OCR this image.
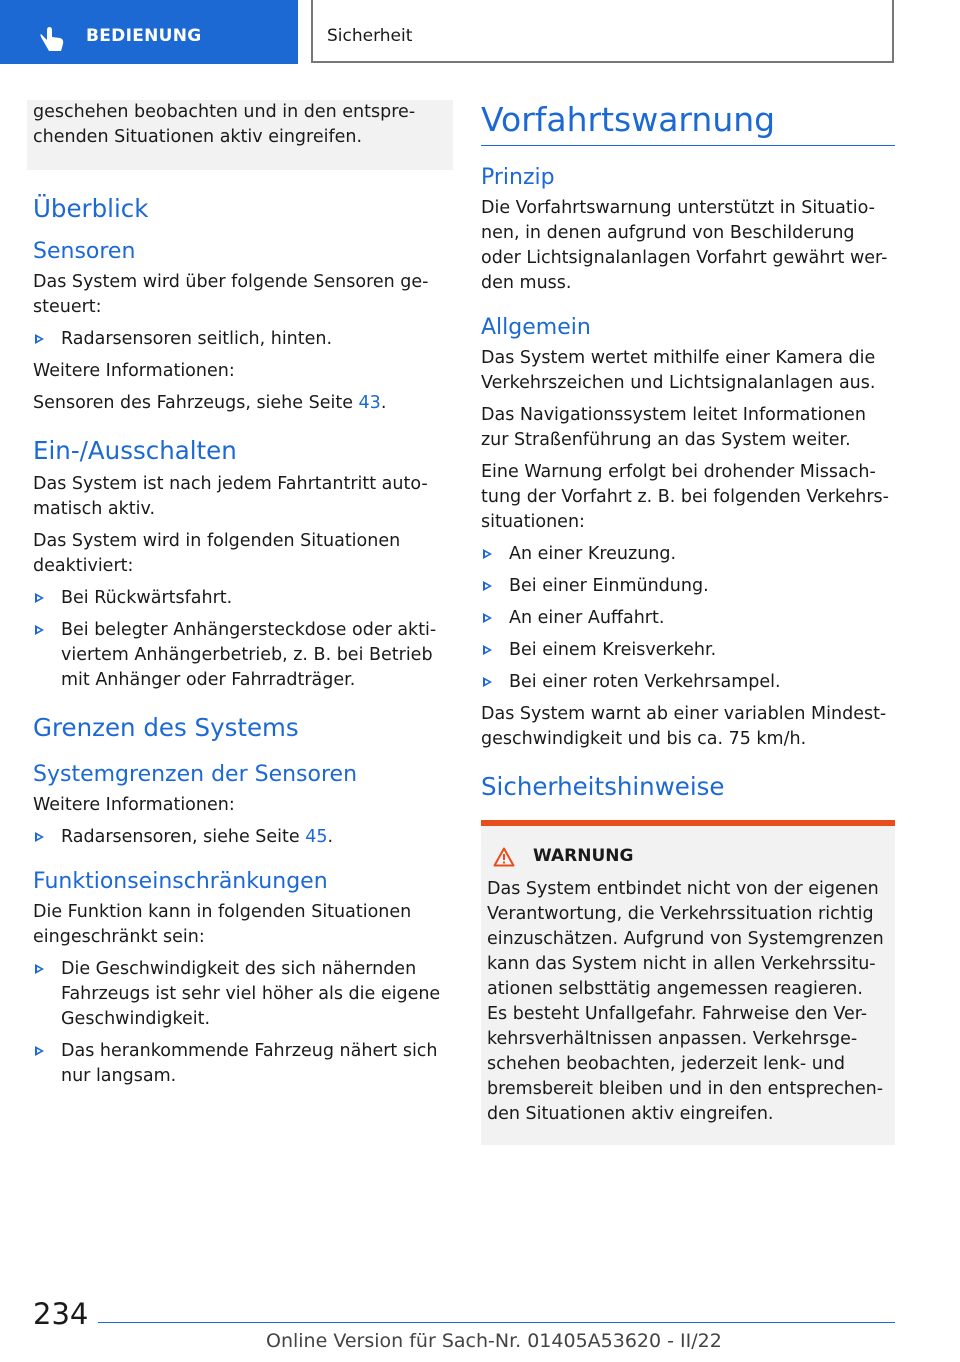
BEDIENUNG	Sicherheit

geschehen beobachten und in den entspre-chenden Situationen aktiv eingreifen.

Überblick
Sensoren

Das System wird über folgende Sensoren ge-steuert:

Radarsensoren seitlich, hinten.

Weitere Informationen:

Sensoren des Fahrzeugs, siehe Seite 43.

Ein-/Ausschalten

Das System ist nach jedem Fahrtantritt auto-matisch aktiv.

Das System wird in folgenden Situationen deaktiviert:

Bei Rückwärtsfahrt.
Bei belegter Anhängersteckdose oder akti-viertem Anhängerbetrieb, z. B. bei Betrieb mit Anhänger oder Fahrradträger.
Grenzen des Systems
Systemgrenzen der Sensoren

Weitere Informationen:

Radarsensoren, siehe Seite 45.
Funktionseinschränkungen

Die Funktion kann in folgenden Situationen eingeschränkt sein:

Die Geschwindigkeit des sich nähernden Fahrzeugs ist sehr viel höher als die eigene Geschwindigkeit.
Das herankommende Fahrzeug nähert sich nur langsam.
Vorfahrtswarnung
Prinzip

Die Vorfahrtswarnung unterstützt in Situatio-nen, in denen aufgrund von Beschilderung oder Lichtsignalanlagen Vorfahrt gewährt wer-den muss.

Allgemein

Das System wertet mithilfe einer Kamera die Verkehrszeichen und Lichtsignalanlagen aus.

Das Navigationssystem leitet Informationen zur Straßenführung an das System weiter.

Eine Warnung erfolgt bei drohender Missach-tung der Vorfahrt z. B. bei folgenden Verkehrs-situationen:

An einer Kreuzung.
Bei einer Einmündung.
An einer Auffahrt.
Bei einem Kreisverkehr.
Bei einer roten Verkehrsampel.

Das System warnt ab einer variablen Mindest-geschwindigkeit und bis ca. 75 km/h.

Sicherheitshinweise
WARNUNG

Das System entbindet nicht von der eigenen Verantwortung, die Verkehrssituation richtig einzuschätzen. Aufgrund von Systemgrenzen kann das System nicht in allen Verkehrssitu-ationen selbsttätig angemessen reagieren. Es besteht Unfallgefahr. Fahrweise den Ver-kehrsverhältnissen anpassen. Verkehrsge-schehen beobachten, jederzeit lenk- und bremsbereit bleiben und in den entsprechen-den Situationen aktiv eingreifen.

234
Online Version für Sach-Nr. 01405A53620 - II/22
